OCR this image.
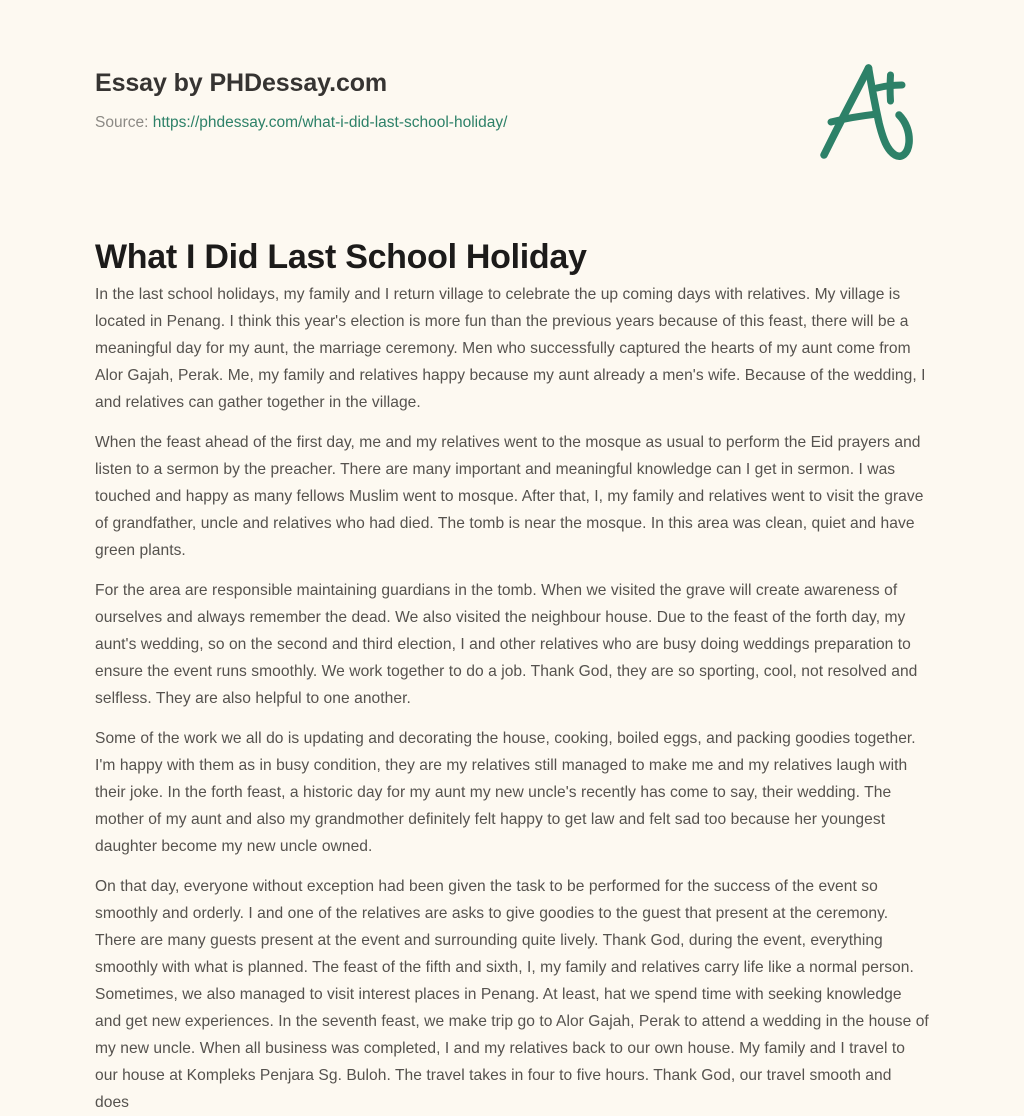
Essay by PHDessay.com
Source: https://phdessay.com/what-i-did-last-school-holiday/
What I Did Last School Holiday

In the last school holidays, my family and I return village to celebrate the up coming days with relatives. My village is located in Penang. I think this year's election is more fun than the previous years because of this feast, there will be a meaningful day for my aunt, the marriage ceremony. Men who successfully captured the hearts of my aunt come from Alor Gajah, Perak. Me, my family and relatives happy because my aunt already a men's wife. Because of the wedding, I and relatives can gather together in the village.

When the feast ahead of the first day, me and my relatives went to the mosque as usual to perform the Eid prayers and listen to a sermon by the preacher. There are many important and meaningful knowledge can I get in sermon. I was touched and happy as many fellows Muslim went to mosque. After that, I, my family and relatives went to visit the grave of grandfather, uncle and relatives who had died. The tomb is near the mosque. In this area was clean, quiet and have green plants.

For the area are responsible maintaining guardians in the tomb. When we visited the grave will create awareness of ourselves and always remember the dead. We also visited the neighbour house. Due to the feast of the forth day, my aunt's wedding, so on the second and third election, I and other relatives who are busy doing weddings preparation to ensure the event runs smoothly. We work together to do a job. Thank God, they are so sporting, cool, not resolved and selfless. They are also helpful to one another.

Some of the work we all do is updating and decorating the house, cooking, boiled eggs, and packing goodies together. I'm happy with them as in busy condition, they are my relatives still managed to make me and my relatives laugh with their joke. In the forth feast, a historic day for my aunt my new uncle's recently has come to say, their wedding. The mother of my aunt and also my grandmother definitely felt happy to get law and felt sad too because her youngest daughter become my new uncle owned.

On that day, everyone without exception had been given the task to be performed for the success of the event so smoothly and orderly. I and one of the relatives are asks to give goodies to the guest that present at the ceremony. There are many guests present at the event and surrounding quite lively. Thank God, during the event, everything smoothly with what is planned. The feast of the fifth and sixth, I, my family and relatives carry life like a normal person. Sometimes, we also managed to visit interest places in Penang. At least, hat we spend time with seeking knowledge and get new experiences. In the seventh feast, we make trip go to Alor Gajah, Perak to attend a wedding in the house of my new uncle. When all business was completed, I and my relatives back to our own house. My family and I travel to our house at Kompleks Penjara Sg. Buloh. The travel takes in four to five hours. Thank God, our travel smooth and does
